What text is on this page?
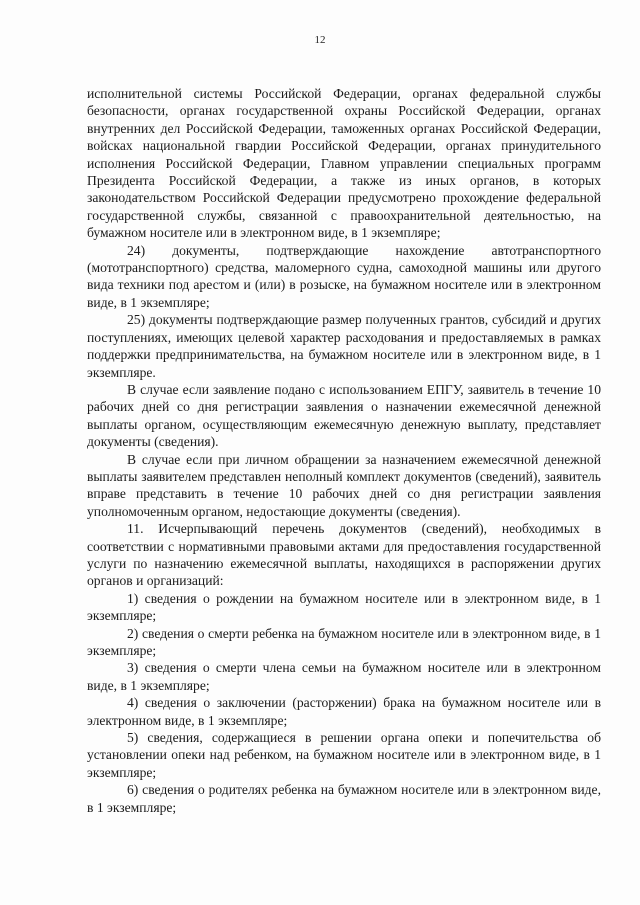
12

исполнительной системы Российской Федерации, органах федеральной службы безопасности, органах государственной охраны Российской Федерации, органах внутренних дел Российской Федерации, таможенных органах Российской Федерации, войсках национальной гвардии Российской Федерации, органах принудительного исполнения Российской Федерации, Главном управлении специальных программ Президента Российской Федерации, а также из иных органов, в которых законодательством Российской Федерации предусмотрено прохождение федеральной государственной службы, связанной с правоохранительной деятельностью, на бумажном носителе или в электронном виде, в 1 экземпляре;

24) документы, подтверждающие нахождение автотранспортного (мототранспортного) средства, маломерного судна, самоходной машины или другого вида техники под арестом и (или) в розыске, на бумажном носителе или в электронном виде, в 1 экземпляре;

25) документы подтверждающие размер полученных грантов, субсидий и других поступлениях, имеющих целевой характер расходования и предоставляемых в рамках поддержки предпринимательства, на бумажном носителе или в электронном виде, в 1 экземпляре.

В случае если заявление подано с использованием ЕПГУ, заявитель в течение 10 рабочих дней со дня регистрации заявления о назначении ежемесячной денежной выплаты органом, осуществляющим ежемесячную денежную выплату, представляет документы (сведения).

В случае если при личном обращении за назначением ежемесячной денежной выплаты заявителем представлен неполный комплект документов (сведений), заявитель вправе представить в течение 10 рабочих дней со дня регистрации заявления уполномоченным органом, недостающие документы (сведения).

11. Исчерпывающий перечень документов (сведений), необходимых в соответствии с нормативными правовыми актами для предоставления государственной услуги по назначению ежемесячной выплаты, находящихся в распоряжении других органов и организаций:

1) сведения о рождении на бумажном носителе или в электронном виде, в 1 экземпляре;

2) сведения о смерти ребенка на бумажном носителе или в электронном виде, в 1 экземпляре;

3) сведения о смерти члена семьи на бумажном носителе или в электронном виде, в 1 экземпляре;

4) сведения о заключении (расторжении) брака на бумажном носителе или в электронном виде, в 1 экземпляре;

5) сведения, содержащиеся в решении органа опеки и попечительства об установлении опеки над ребенком, на бумажном носителе или в электронном виде, в 1 экземпляре;

6) сведения о родителях ребенка на бумажном носителе или в электронном виде, в 1 экземпляре;
